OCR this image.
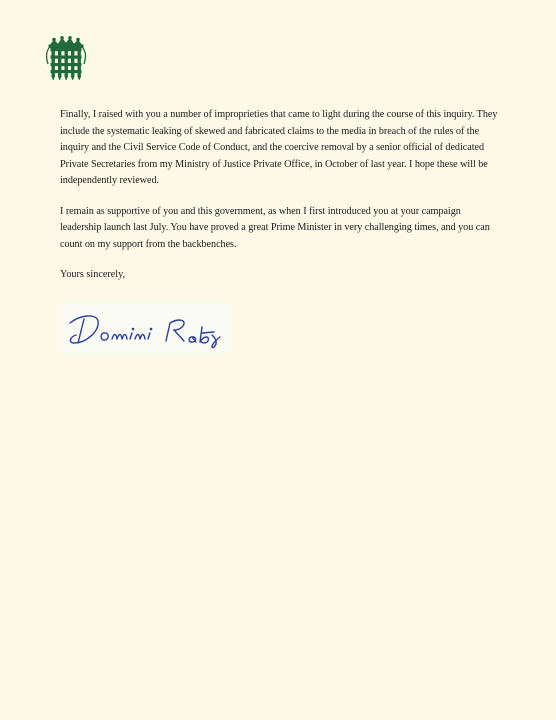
Finally, I raised with you a number of improprieties that came to light during the course of this inquiry. They include the systematic leaking of skewed and fabricated claims to the media in breach of the rules of the inquiry and the Civil Service Code of Conduct, and the coercive removal by a senior official of dedicated Private Secretaries from my Ministry of Justice Private Office, in October of last year. I hope these will be independently reviewed.

I remain as supportive of you and this government, as when I first introduced you at your campaign leadership launch last July. You have proved a great Prime Minister in very challenging times, and you can count on my support from the backbenches.

Yours sincerely,
